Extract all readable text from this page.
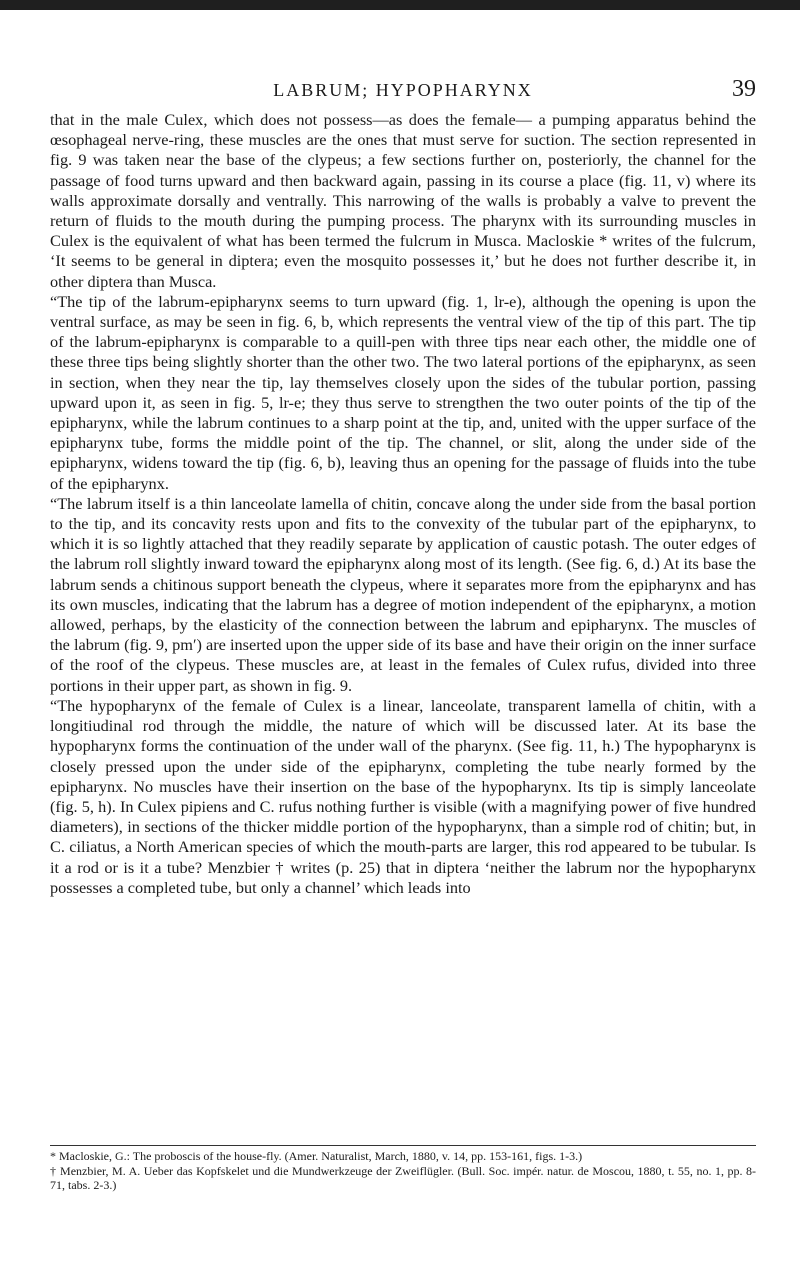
LABRUM; HYPOPHARYNX	39

that in the male Culex, which does not possess—as does the female— a pumping apparatus behind the œsophageal nerve-ring, these muscles are the ones that must serve for suction. The section represented in fig. 9 was taken near the base of the clypeus; a few sections further on, posteriorly, the channel for the passage of food turns upward and then backward again, passing in its course a place (fig. 11, v) where its walls approximate dorsally and ventrally. This narrowing of the walls is probably a valve to prevent the return of fluids to the mouth during the pumping process. The pharynx with its surrounding muscles in Culex is the equivalent of what has been termed the fulcrum in Musca. Macloskie * writes of the fulcrum, ‘It seems to be general in diptera; even the mosquito possesses it,’ but he does not further describe it, in other diptera than Musca.

“The tip of the labrum-epipharynx seems to turn upward (fig. 1, lr-e), although the opening is upon the ventral surface, as may be seen in fig. 6, b, which represents the ventral view of the tip of this part. The tip of the labrum-epipharynx is comparable to a quill-pen with three tips near each other, the middle one of these three tips being slightly shorter than the other two. The two lateral portions of the epipharynx, as seen in section, when they near the tip, lay themselves closely upon the sides of the tubular portion, passing upward upon it, as seen in fig. 5, lr-e; they thus serve to strengthen the two outer points of the tip of the epipharynx, while the labrum continues to a sharp point at the tip, and, united with the upper surface of the epipharynx tube, forms the middle point of the tip. The channel, or slit, along the under side of the epipharynx, widens toward the tip (fig. 6, b), leaving thus an opening for the passage of fluids into the tube of the epipharynx.

“The labrum itself is a thin lanceolate lamella of chitin, concave along the under side from the basal portion to the tip, and its concavity rests upon and fits to the convexity of the tubular part of the epipharynx, to which it is so lightly attached that they readily separate by application of caustic potash. The outer edges of the labrum roll slightly inward toward the epipharynx along most of its length. (See fig. 6, d.) At its base the labrum sends a chitinous support beneath the clypeus, where it separates more from the epipharynx and has its own muscles, indicating that the labrum has a degree of motion independent of the epipharynx, a motion allowed, perhaps, by the elasticity of the connection between the labrum and epipharynx. The muscles of the labrum (fig. 9, pm′) are inserted upon the upper side of its base and have their origin on the inner surface of the roof of the clypeus. These muscles are, at least in the females of Culex rufus, divided into three portions in their upper part, as shown in fig. 9.

“The hypopharynx of the female of Culex is a linear, lanceolate, transparent lamella of chitin, with a longitiudinal rod through the middle, the nature of which will be discussed later. At its base the hypopharynx forms the continuation of the under wall of the pharynx. (See fig. 11, h.) The hypopharynx is closely pressed upon the under side of the epipharynx, completing the tube nearly formed by the epipharynx. No muscles have their insertion on the base of the hypopharynx. Its tip is simply lanceolate (fig. 5, h). In Culex pipiens and C. rufus nothing further is visible (with a magnifying power of five hundred diameters), in sections of the thicker middle portion of the hypopharynx, than a simple rod of chitin; but, in C. ciliatus, a North American species of which the mouth-parts are larger, this rod appeared to be tubular. Is it a rod or is it a tube? Menzbier † writes (p. 25) that in diptera ‘neither the labrum nor the hypopharynx possesses a completed tube, but only a channel’ which leads into

* Macloskie, G.: The proboscis of the house-fly. (Amer. Naturalist, March, 1880, v. 14, pp. 153-161, figs. 1-3.)

† Menzbier, M. A. Ueber das Kopfskelet und die Mundwerkzeuge der Zweiflügler. (Bull. Soc. impér. natur. de Moscou, 1880, t. 55, no. 1, pp. 8-71, tabs. 2-3.)
